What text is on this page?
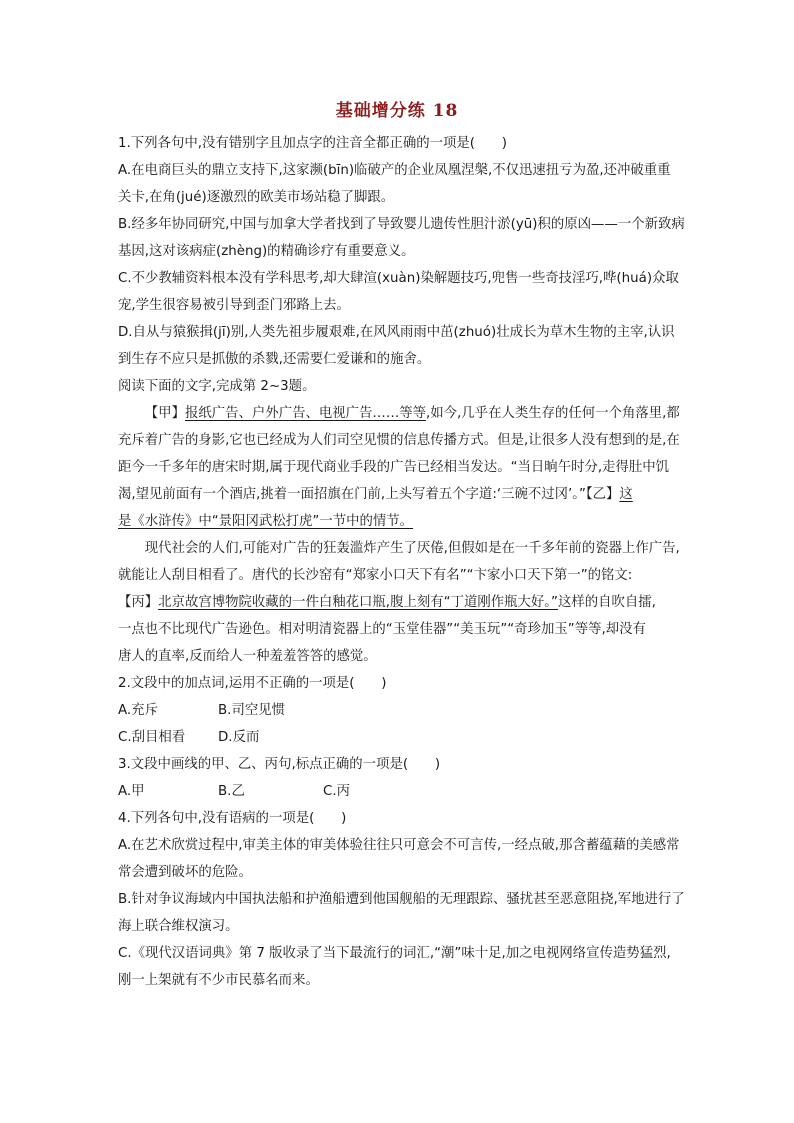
基础增分练 18

1.下列各句中,没有错别字且加点字的注音全都正确的一项是(　　)

A.在电商巨头的鼎立支持下,这家濒(bīn)临破产的企业凤凰涅槃,不仅迅速扭亏为盈,还冲破重重

关卡,在角(jué)逐激烈的欧美市场站稳了脚跟。

B.经多年协同研究,中国与加拿大学者找到了导致婴儿遗传性胆汁淤(yū)积的原凶——一个新致病

基因,这对该病症(zhèng)的精确诊疗有重要意义。

C.不少教辅资料根本没有学科思考,却大肆渲(xuàn)染解题技巧,兜售一些奇技淫巧,哗(huá)众取

宠,学生很容易被引导到歪门邪路上去。

D.自从与猿猴揖(jī)别,人类先祖步履艰难,在风风雨雨中茁(zhuó)壮成长为草木生物的主宰,认识

到生存不应只是抓傲的杀戮,还需要仁爱谦和的施舍。

阅读下面的文字,完成第 2~3题。

【甲】报纸广告、户外广告、电视广告……等等,如今,几乎在人类生存的任何一个角落里,都

充斥着广告的身影,它也已经成为人们司空见惯的信息传播方式。但是,让很多人没有想到的是,在

距今一千多年的唐宋时期,属于现代商业手段的广告已经相当发达。“当日晌午时分,走得肚中饥

渴,望见前面有一个酒店,挑着一面招旗在门前,上头写着五个字道:‘三碗不过冈’。”【乙】这

是《水浒传》中“景阳冈武松打虎”一节中的情节。

现代社会的人们,可能对广告的狂轰滥炸产生了厌倦,但假如是在一千多年前的瓷器上作广告,

就能让人刮目相看了。唐代的长沙窑有“郑家小口天下有名”“卞家小口天下第一”的铭文:

【丙】北京故宫博物院收藏的一件白釉花口瓶,腹上刻有“丁道刚作瓶大好。”这样的自吹自擂,

一点也不比现代广告逊色。相对明清瓷器上的“玉堂佳器”“美玉玩”“奇珍加玉”等等,却没有

唐人的直率,反而给人一种羞羞答答的感觉。

2.文段中的加点词,运用不正确的一项是(　　)

A.充斥	B.司空见惯

C.刮目相看	D.反而

3.文段中画线的甲、乙、丙句,标点正确的一项是(　　)

A.甲	B.乙	C.丙

4.下列各句中,没有语病的一项是(　　)

A.在艺术欣赏过程中,审美主体的审美体验往往只可意会不可言传,一经点破,那含蓄蕴藉的美感常

常会遭到破坏的危险。

B.针对争议海域内中国执法船和护渔船遭到他国舰船的无理跟踪、骚扰甚至恶意阻挠,军地进行了

海上联合维权演习。

C.《现代汉语词典》第 7 版收录了当下最流行的词汇,“潮”味十足,加之电视网络宣传造势猛烈,

刚一上架就有不少市民慕名而来。
